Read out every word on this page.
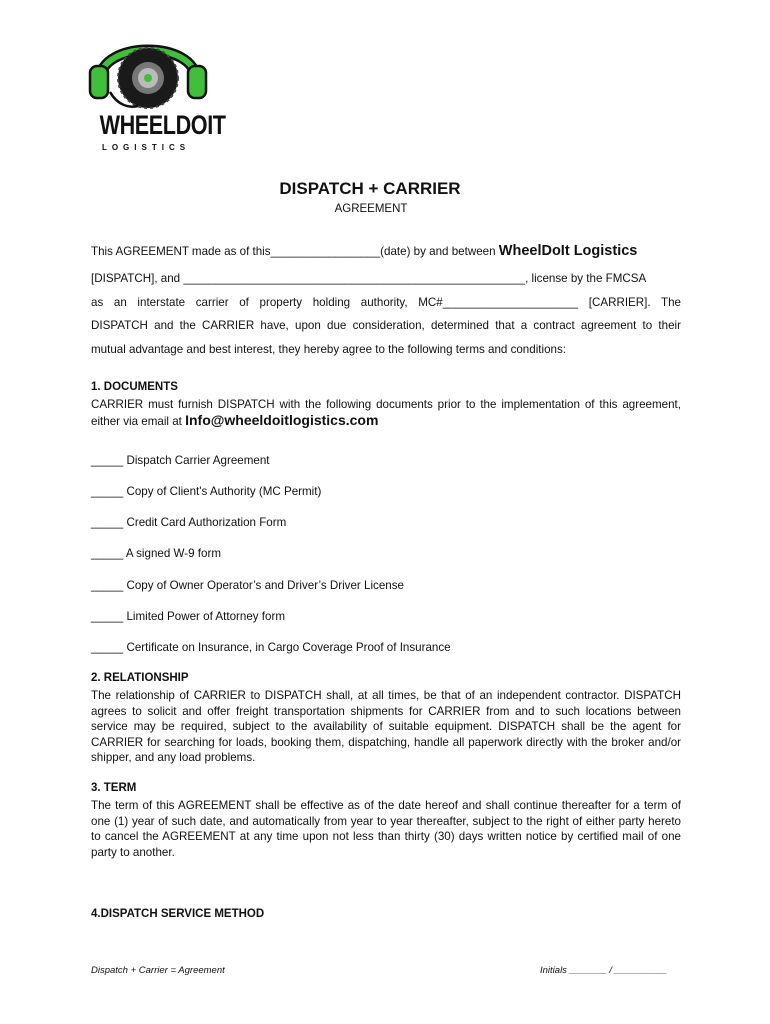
WHEELDOIT
LOGISTICS
DISPATCH + CARRIER
AGREEMENT
This AGREEMENT made as of this_________________(date) by and between WheelDoIt Logistics
[DISPATCH], and _____________________________________________________, license by the FMCSA
as an interstate carrier of property holding authority, MC#_____________________ [CARRIER]. The
DISPATCH and the CARRIER have, upon due consideration, determined that a contract agreement to their
mutual advantage and best interest, they hereby agree to the following terms and conditions:
1. DOCUMENTS
CARRIER must furnish DISPATCH with the following documents prior to the implementation of this agreement, either via email at Info@wheeldoitlogistics.com
_____ Dispatch Carrier Agreement
_____ Copy of Client's Authority (MC Permit)
_____ Credit Card Authorization Form
_____ A signed W-9 form
_____ Copy of Owner Operator’s and Driver’s Driver License
_____ Limited Power of Attorney form
_____ Certificate on Insurance, in Cargo Coverage Proof of Insurance
2. RELATIONSHIP
The relationship of CARRIER to DISPATCH shall, at all times, be that of an independent contractor. DISPATCH agrees to solicit and offer freight transportation shipments for CARRIER from and to such locations between service may be required, subject to the availability of suitable equipment. DISPATCH shall be the agent for CARRIER for searching for loads, booking them, dispatching, handle all paperwork directly with the broker and/or shipper, and any load problems.
3. TERM
The term of this AGREEMENT shall be effective as of the date hereof and shall continue thereafter for a term of one (1) year of such date, and automatically from year to year thereafter, subject to the right of either party hereto to cancel the AGREEMENT at any time upon not less than thirty (30) days written notice by certified mail of one party to another.
4.DISPATCH SERVICE METHOD
Dispatch + Carrier = Agreement	Initials _______ / __________
